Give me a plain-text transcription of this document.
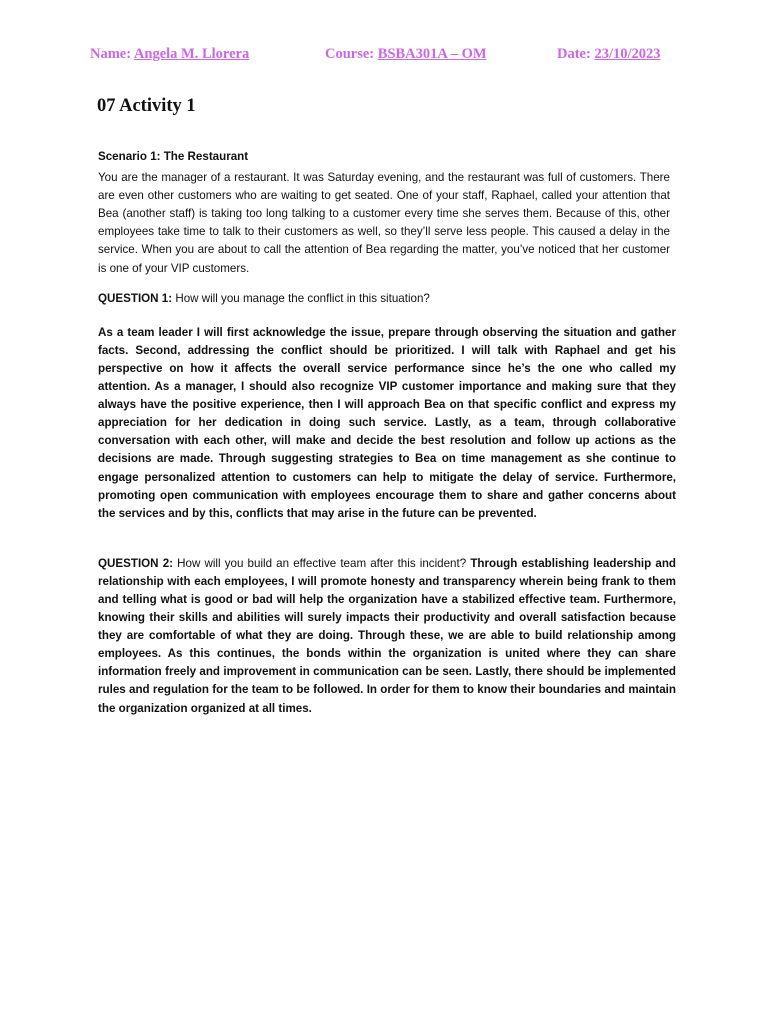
Name: Angela M. Llorera	Course: BSBA301A – OM	Date: 23/10/2023
07 Activity 1

Scenario 1: The Restaurant

You are the manager of a restaurant. It was Saturday evening, and the restaurant was full of customers. There are even other customers who are waiting to get seated. One of your staff, Raphael, called your attention that Bea (another staff) is taking too long talking to a customer every time she serves them. Because of this, other employees take time to talk to their customers as well, so they’ll serve less people. This caused a delay in the service. When you are about to call the attention of Bea regarding the matter, you’ve noticed that her customer is one of your VIP customers.

QUESTION 1: How will you manage the conflict in this situation?

As a team leader I will first acknowledge the issue, prepare through observing the situation and gather facts. Second, addressing the conflict should be prioritized. I will talk with Raphael and get his perspective on how it affects the overall service performance since he’s the one who called my attention. As a manager, I should also recognize VIP customer importance and making sure that they always have the positive experience, then I will approach Bea on that specific conflict and express my appreciation for her dedication in doing such service. Lastly, as a team, through collaborative conversation with each other, will make and decide the best resolution and follow up actions as the decisions are made. Through suggesting strategies to Bea on time management as she continue to engage personalized attention to customers can help to mitigate the delay of service. Furthermore, promoting open communication with employees encourage them to share and gather concerns about the services and by this, conflicts that may arise in the future can be prevented.

QUESTION 2: How will you build an effective team after this incident? Through establishing leadership and relationship with each employees, I will promote honesty and transparency wherein being frank to them and telling what is good or bad will help the organization have a stabilized effective team. Furthermore, knowing their skills and abilities will surely impacts their productivity and overall satisfaction because they are comfortable of what they are doing. Through these, we are able to build relationship among employees. As this continues, the bonds within the organization is united where they can share information freely and improvement in communication can be seen. Lastly, there should be implemented rules and regulation for the team to be followed. In order for them to know their boundaries and maintain the organization organized at all times.
